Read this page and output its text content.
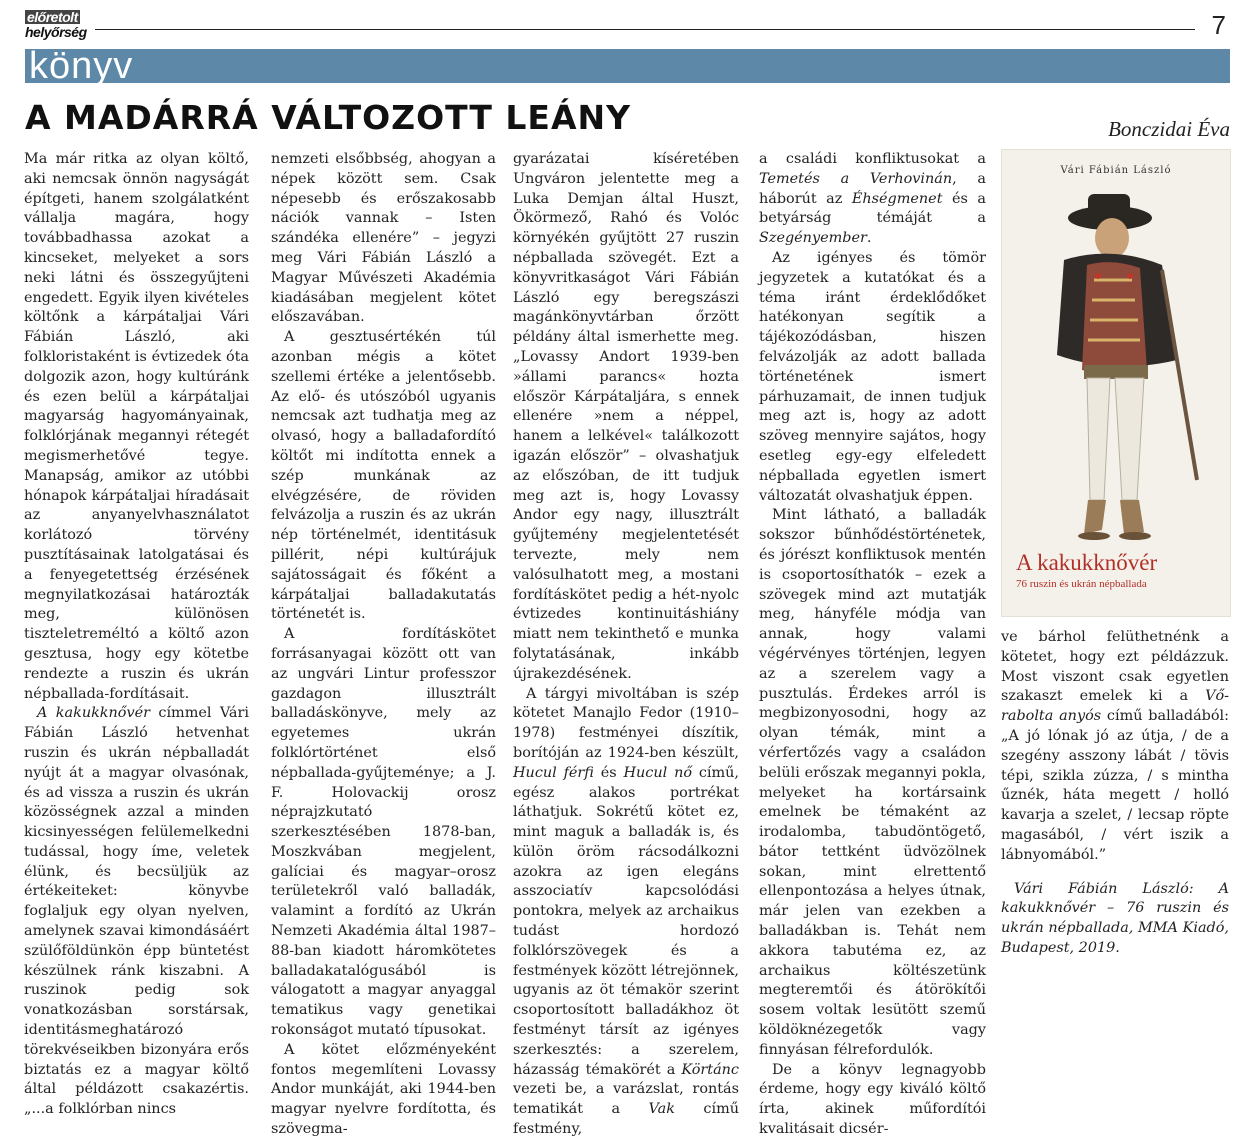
előretolt

helyőrség	7
könyv
A MADÁRRÁ VÁLTOZOTT LEÁNY	Bonczidai Éva

Ma már ritka az olyan költő, aki nemcsak önnön nagyságát építgeti, hanem szolgálatként vállalja magára, hogy továbbadhassa azokat a kincseket, melyeket a sors neki látni és összegyűjteni engedett. Egyik ilyen kivételes költőnk a kárpátaljai Vári Fábián László, aki folkloristaként is évtizedek óta dolgozik azon, hogy kultúránk és ezen belül a kárpátaljai magyarság hagyományainak, folklórjának megannyi rétegét megismerhetővé tegye. Manapság, amikor az utóbbi hónapok kárpátaljai híradásait az anyanyelvhasználatot korlátozó törvény pusztításainak latolgatásai és a fenyegetettség érzésének megnyilatkozásai határozták meg, különösen tiszteletreméltó a költő azon gesztusa, hogy egy kötetbe rendezte a ruszin és ukrán népballada-fordításait.

A kakukknővér címmel Vári Fábián László hetvenhat ruszin és ukrán népballadát nyújt át a magyar olvasónak, és ad vissza a ruszin és ukrán közösségnek azzal a minden kicsinyességen felülemelkedni tudással, hogy íme, veletek élünk, és becsüljük az értékeiteket: könyvbe foglaljuk egy olyan nyelven, amelynek szavai kimondásáért szülőföldünkön épp büntetést készülnek ránk kiszabni. A ruszinok pedig sok vonatkozásban sorstársak, identitásmeghatározó törekvéseikben bizonyára erős biztatás ez a magyar költő által példázott csakazértis. „...a folklórban nincs

nemzeti elsőbbség, ahogyan a népek között sem. Csak népesebb és erőszakosabb nációk vannak – Isten szándéka ellenére” – jegyzi meg Vári Fábián László a Magyar Művészeti Akadémia kiadásában megjelent kötet előszavában.

A gesztusértékén túl azonban mégis a kötet szellemi értéke a jelentősebb. Az elő- és utószóból ugyanis nemcsak azt tudhatja meg az olvasó, hogy a balladafordító költőt mi indította ennek a szép munkának az elvégzésére, de röviden felvázolja a ruszin és az ukrán nép történelmét, identitásuk pillérit, népi kultúrájuk sajátosságait és főként a kárpátaljai balladakutatás történetét is.

A fordításkötet forrásanyagai között ott van az ungvári Lintur professzor gazdagon illusztrált balladáskönyve, mely az egyetemes ukrán folklórtörténet első népballada-gyűjteménye; a J. F. Holovackij orosz néprajzkutató szerkesztésében 1878-ban, Moszkvában megjelent, galíciai és magyar–orosz területekről való balladák, valamint a fordító az Ukrán Nemzeti Akadémia által 1987–88-ban kiadott háromkötetes balladakatalógusából is válogatott a magyar anyaggal tematikus vagy genetikai rokonságot mutató típusokat.

A kötet előzményeként fontos megemlíteni Lovassy Andor munkáját, aki 1944-ben magyar nyelvre fordította, és szövegma-

gyarázatai kíséretében Ungváron jelentette meg a Luka Demjan által Huszt, Ökörmező, Rahó és Volóc környékén gyűjtött 27 ruszin népballada szövegét. Ezt a könyvritkaságot Vári Fábián László egy beregszászi magánkönyvtárban őrzött példány által ismerhette meg. „Lovassy Andort 1939-ben »állami parancs« hozta először Kárpátaljára, s ennek ellenére »nem a néppel, hanem a lelkével« találkozott igazán először” – olvashatjuk az előszóban, de itt tudjuk meg azt is, hogy Lovassy Andor egy nagy, illusztrált gyűjtemény megjelentetését tervezte, mely nem valósulhatott meg, a mostani fordításkötet pedig a hét-nyolc évtizedes kontinuitáshiány miatt nem tekinthető e munka folytatásának, inkább újrakezdésének.

A tárgyi mivoltában is szép kötetet Manajlo Fedor (1910–1978) festményei díszítik, borítóján az 1924-ben készült, Hucul férfi és Hucul nő című, egész alakos portrékat láthatjuk. Sokrétű kötet ez, mint maguk a balladák is, és külön öröm rácsodálkozni azokra az igen elegáns asszociatív kapcsolódási pontokra, melyek az archaikus tudást hordozó folklórszövegek és a festmények között létrejönnek, ugyanis az öt témakör szerint csoportosított balladákhoz öt festményt társít az igényes szerkesztés: a szerelem, házasság témakörét a Körtánc vezeti be, a varázslat, rontás tematikát a Vak című festmény,

a családi konfliktusokat a Temetés a Verhovinán, a háborút az Éhségmenet és a betyárság témáját a Szegényember.

Az igényes és tömör jegyzetek a kutatókat és a téma iránt érdeklődőket hatékonyan segítik a tájékozódásban, hiszen felvázolják az adott ballada történetének ismert párhuzamait, de innen tudjuk meg azt is, hogy az adott szöveg mennyire sajátos, hogy esetleg egy-egy elfeledett népballada egyetlen ismert változatát olvashatjuk éppen.

Mint látható, a balladák sokszor bűnhődéstörténetek, és jórészt konfliktusok mentén is csoportosíthatók – ezek a szövegek mind azt mutatják meg, hányféle módja van annak, hogy valami végérvényes történjen, legyen az a szerelem vagy a pusztulás. Érdekes arról is megbizonyosodni, hogy az olyan témák, mint a vérfertőzés vagy a családon belüli erőszak megannyi pokla, melyeket ha kortársaink emelnek be témaként az irodalomba, tabudöntögető, bátor tettként üdvözölnek sokan, mint elrettentő ellenpontozása a helyes útnak, már jelen van ezekben a balladákban is. Tehát nem akkora tabutéma ez, az archaikus költészetünk megteremtői és átörökítői sosem voltak lesütött szemű köldöknézegetők vagy finnyásan félrefordulók.

De a könyv legnagyobb érdeme, hogy egy kiváló költő írta, akinek műfordítói kvalitásait dicsér-

Vári Fábián László
A kakukknővér
76 ruszin és ukrán népballada

ve bárhol felüthetnénk a kötetet, hogy ezt példázzuk. Most viszont csak egyetlen szakaszt emelek ki a Vő-rabolta anyós című balladából: „A jó lónak jó az útja, / de a szegény asszony lábát / tövis tépi, szikla zúzza, / s mintha űznék, háta megett / holló kavarja a szelet, / lecsap röpte magasából, / vért iszik a lábnyomából.”

Vári Fábián László: A kakukknővér – 76 ruszin és ukrán népballada, MMA Kiadó, Budapest, 2019.
